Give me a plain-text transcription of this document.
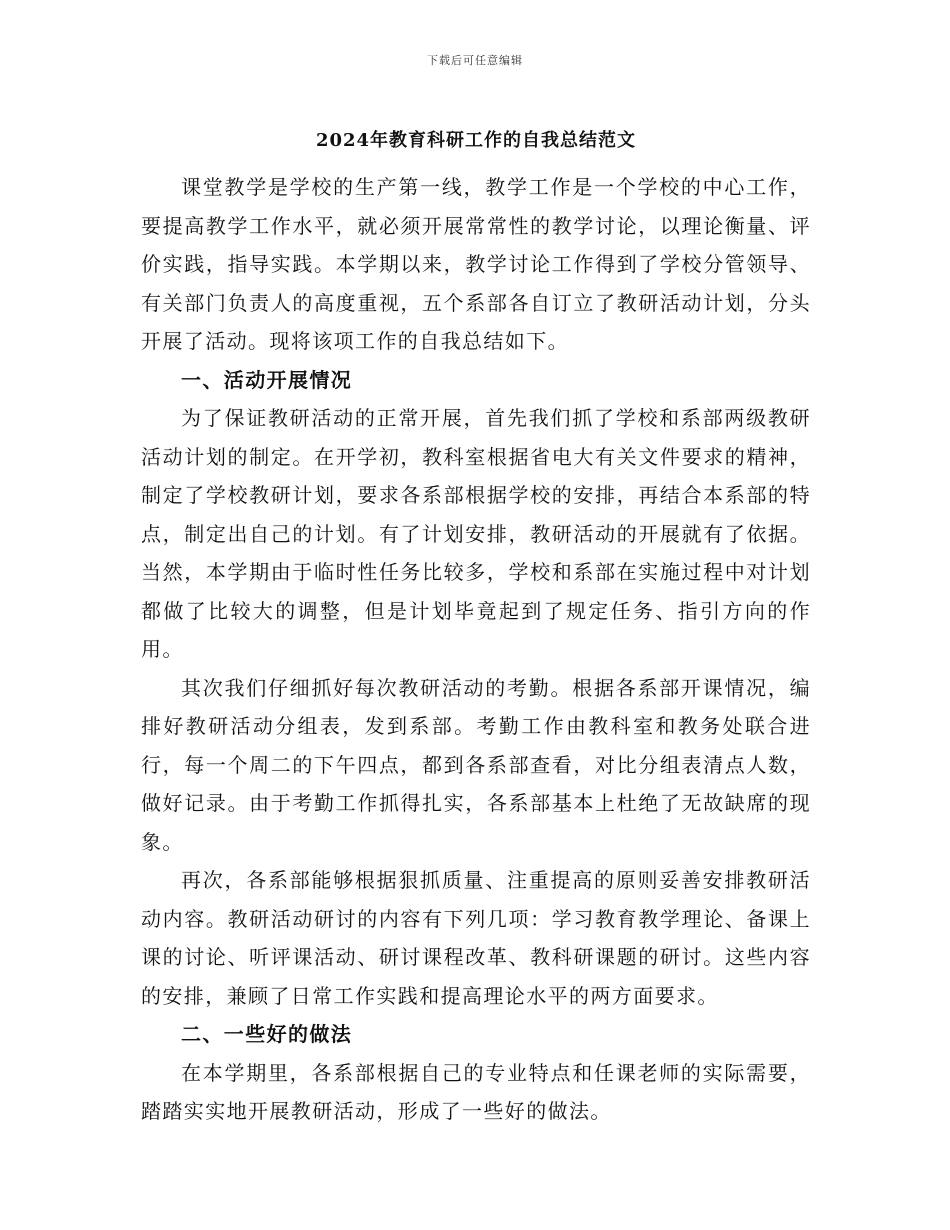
下载后可任意编辑
2024年教育科研工作的自我总结范文

课堂教学是学校的生产第一线，教学工作是一个学校的中心工作，要提高教学工作水平，就必须开展常常性的教学讨论，以理论衡量、评价实践，指导实践。本学期以来，教学讨论工作得到了学校分管领导、有关部门负责人的高度重视，五个系部各自订立了教研活动计划，分头开展了活动。现将该项工作的自我总结如下。

一、活动开展情况

为了保证教研活动的正常开展，首先我们抓了学校和系部两级教研活动计划的制定。在开学初，教科室根据省电大有关文件要求的精神，制定了学校教研计划，要求各系部根据学校的安排，再结合本系部的特点，制定出自己的计划。有了计划安排，教研活动的开展就有了依据。当然，本学期由于临时性任务比较多，学校和系部在实施过程中对计划都做了比较大的调整，但是计划毕竟起到了规定任务、指引方向的作用。

其次我们仔细抓好每次教研活动的考勤。根据各系部开课情况，编排好教研活动分组表，发到系部。考勤工作由教科室和教务处联合进行，每一个周二的下午四点，都到各系部查看，对比分组表清点人数，做好记录。由于考勤工作抓得扎实，各系部基本上杜绝了无故缺席的现象。

再次，各系部能够根据狠抓质量、注重提高的原则妥善安排教研活动内容。教研活动研讨的内容有下列几项：学习教育教学理论、备课上课的讨论、听评课活动、研讨课程改革、教科研课题的研讨。这些内容的安排，兼顾了日常工作实践和提高理论水平的两方面要求。

二、一些好的做法

在本学期里，各系部根据自己的专业特点和任课老师的实际需要，踏踏实实地开展教研活动，形成了一些好的做法。
